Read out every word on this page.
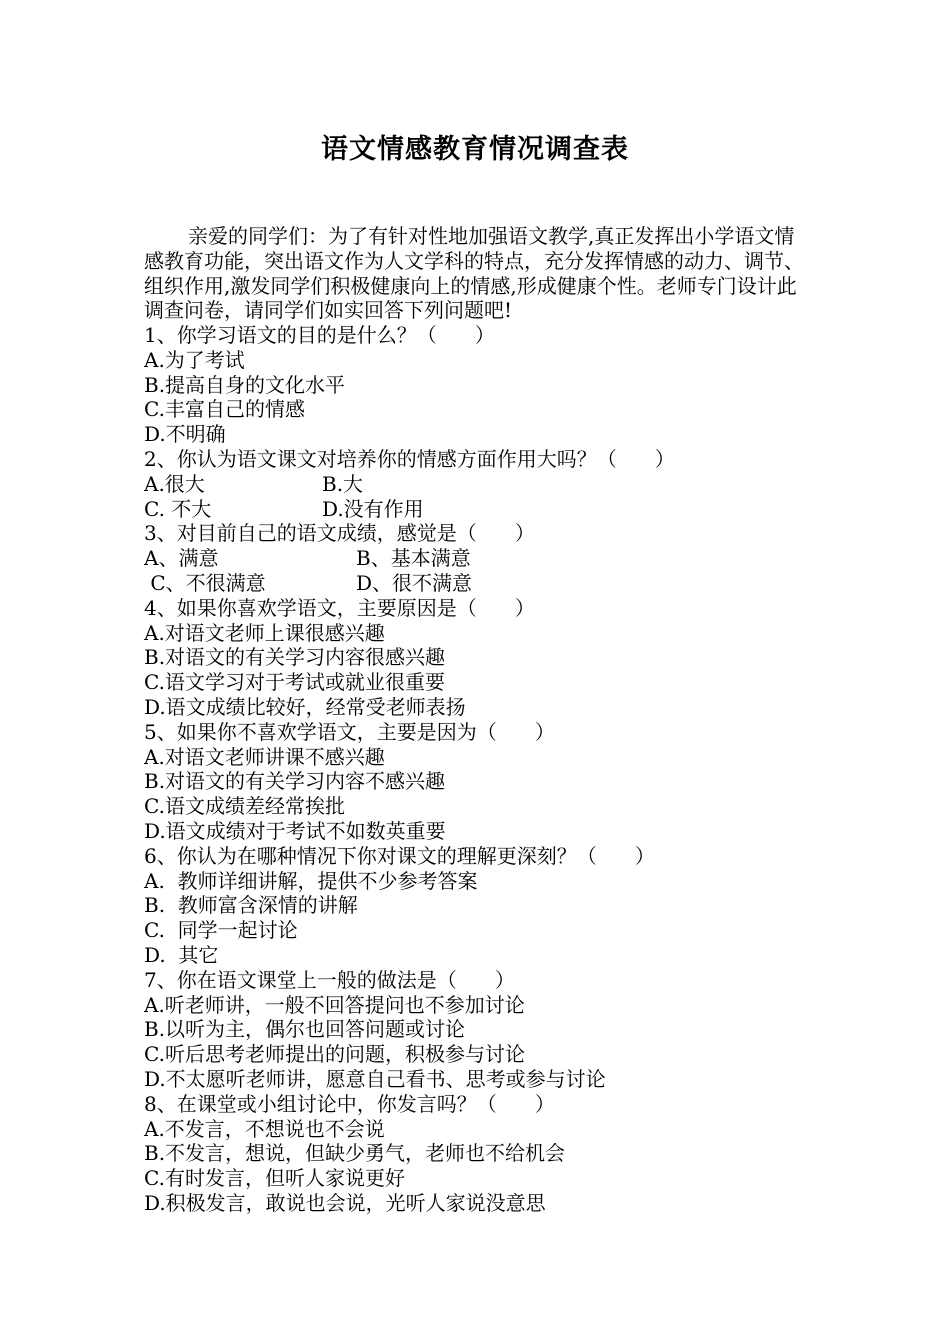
语文情感教育情况调查表
亲爱的同学们：为了有针对性地加强语文教学,真正发挥出小学语文情感教育功能，突出语文作为人文学科的特点，充分发挥情感的动力、调节、组织作用,激发同学们积极健康向上的情感,形成健康个性。老师专门设计此调查问卷，请同学们如实回答下列问题吧!
1、你学习语文的目的是什么？（      ）
A.为了考试
B.提高自身的文化水平
C.丰富自己的情感
D.不明确
2、你认为语文课文对培养你的情感方面作用大吗？（      ）
A.很大	B.大
C. 不大	D.没有作用
3、对目前自己的语文成绩，感觉是（      ）
A、满意	B、基本满意
C、不很满意	D、很不满意
4、如果你喜欢学语文，主要原因是（      ）
A.对语文老师上课很感兴趣
B.对语文的有关学习内容很感兴趣
C.语文学习对于考试或就业很重要
D.语文成绩比较好，经常受老师表扬
5、如果你不喜欢学语文，主要是因为（      ）
A.对语文老师讲课不感兴趣
B.对语文的有关学习内容不感兴趣
C.语文成绩差经常挨批
D.语文成绩对于考试不如数英重要
6、你认为在哪种情况下你对课文的理解更深刻？（      ）
A.  教师详细讲解，提供不少参考答案
B.  教师富含深情的讲解
C.  同学一起讨论
D.  其它
7、你在语文课堂上一般的做法是（      ）
A.听老师讲，一般不回答提问也不参加讨论
B.以听为主，偶尔也回答问题或讨论
C.听后思考老师提出的问题，积极参与讨论
D.不太愿听老师讲，愿意自己看书、思考或参与讨论
8、在课堂或小组讨论中，你发言吗？（      ）
A.不发言，不想说也不会说
B.不发言，想说，但缺少勇气，老师也不给机会
C.有时发言，但听人家说更好
D.积极发言，敢说也会说，光听人家说没意思
